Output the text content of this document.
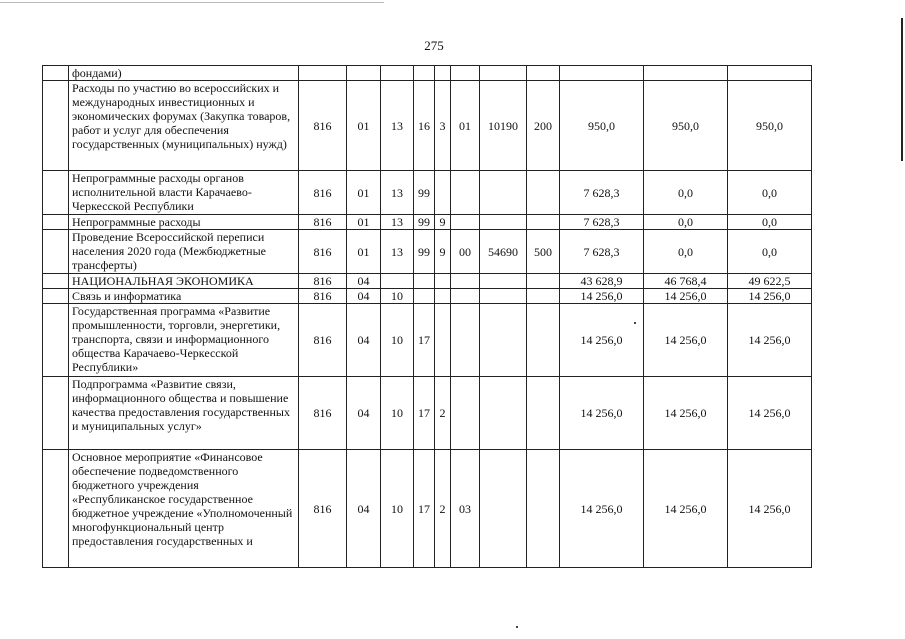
275
	фондами)											
	Расходы по участию во всероссийских и международных инвестиционных и экономических форумах (Закупка товаров, работ и услуг для обеспечения государственных (муниципальных) нужд)	816	01	13	16	3	01	10190	200	950,0	950,0	950,0
	Непрограммные расходы органов исполнительной власти Карачаево-Черкесской Республики	816	01	13	99					7 628,3	0,0	0,0
	Непрограммные расходы	816	01	13	99	9				7 628,3	0,0	0,0
	Проведение Всероссийской переписи населения 2020 года (Межбюджетные трансферты)	816	01	13	99	9	00	54690	500	7 628,3	0,0	0,0
	НАЦИОНАЛЬНАЯ ЭКОНОМИКА	816	04							43 628,9	46 768,4	49 622,5
	Связь и информатика	816	04	10						14 256,0	14 256,0	14 256,0
	Государственная программа «Развитие промышленности, торговли, энергетики, транспорта, связи и информационного общества Карачаево-Черкесской Республики»	816	04	10	17					14 256,0	14 256,0	14 256,0
	Подпрограмма «Развитие связи, информационного общества и повышение качества предоставления государственных и муниципальных услуг»	816	04	10	17	2				14 256,0	14 256,0	14 256,0
	Основное мероприятие «Финансовое обеспечение подведомственного бюджетного учреждения «Республиканское государственное бюджетное учреждение «Уполномоченный многофункциональный центр предоставления государственных и	816	04	10	17	2	03			14 256,0	14 256,0	14 256,0
